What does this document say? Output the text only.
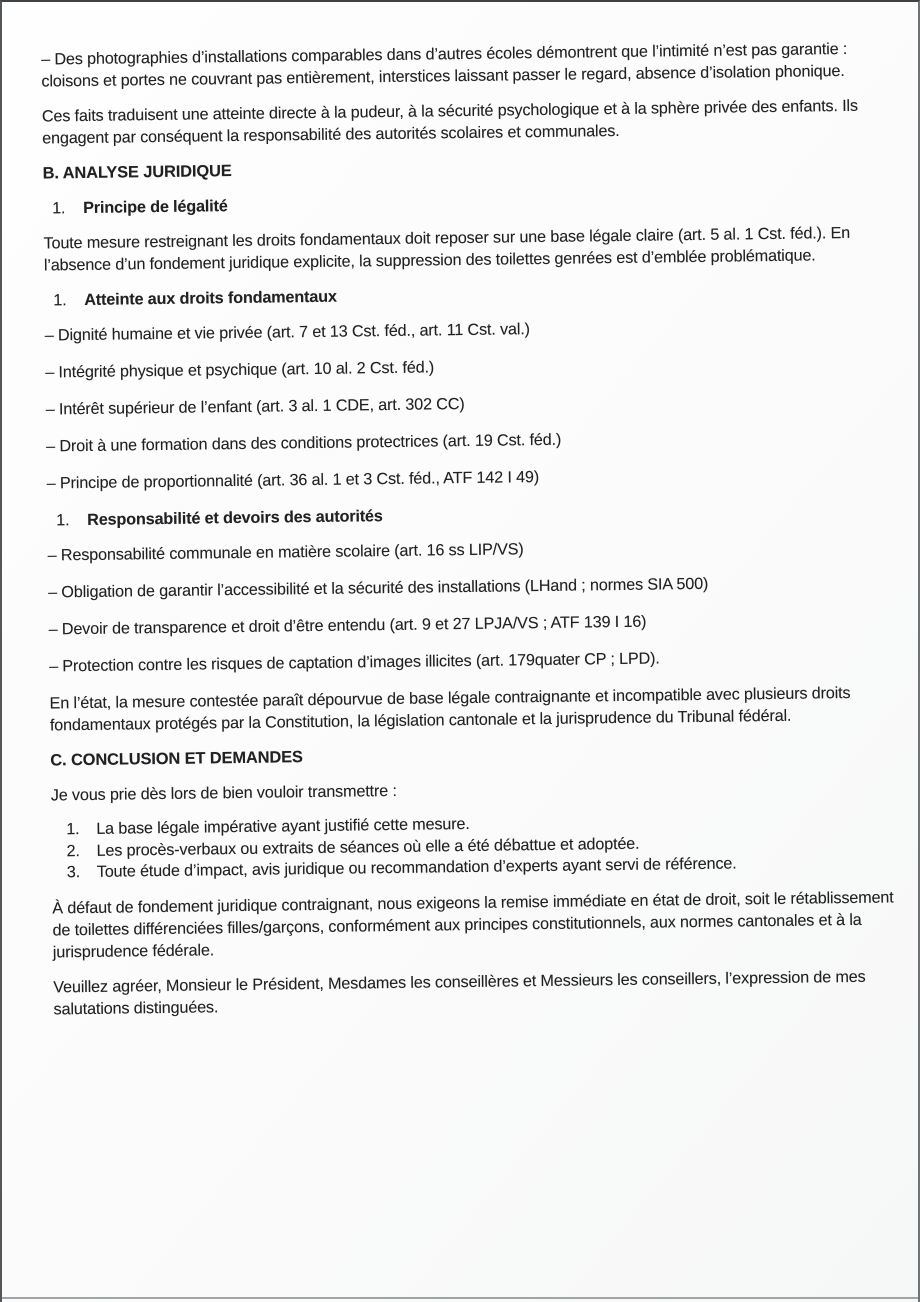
– Des photographies d’installations comparables dans d’autres écoles démontrent que l’intimité n’est pas garantie : cloisons et portes ne couvrant pas entièrement, interstices laissant passer le regard, absence d’isolation phonique.

Ces faits traduisent une atteinte directe à la pudeur, à la sécurité psychologique et à la sphère privée des enfants. Ils engagent par conséquent la responsabilité des autorités scolaires et communales.

B. ANALYSE JURIDIQUE
1.	Principe de légalité

Toute mesure restreignant les droits fondamentaux doit reposer sur une base légale claire (art. 5 al. 1 Cst. féd.). En l’absence d’un fondement juridique explicite, la suppression des toilettes genrées est d’emblée problématique.

1.	Atteinte aux droits fondamentaux

– Dignité humaine et vie privée (art. 7 et 13 Cst. féd., art. 11 Cst. val.)

– Intégrité physique et psychique (art. 10 al. 2 Cst. féd.)

– Intérêt supérieur de l’enfant (art. 3 al. 1 CDE, art. 302 CC)

– Droit à une formation dans des conditions protectrices (art. 19 Cst. féd.)

– Principe de proportionnalité (art. 36 al. 1 et 3 Cst. féd., ATF 142 I 49)

1.	Responsabilité et devoirs des autorités

– Responsabilité communale en matière scolaire (art. 16 ss LIP/VS)

– Obligation de garantir l’accessibilité et la sécurité des installations (LHand ; normes SIA 500)

– Devoir de transparence et droit d’être entendu (art. 9 et 27 LPJA/VS ; ATF 139 I 16)

– Protection contre les risques de captation d’images illicites (art. 179quater CP ; LPD).

En l’état, la mesure contestée paraît dépourvue de base légale contraignante et incompatible avec plusieurs droits fondamentaux protégés par la Constitution, la législation cantonale et la jurisprudence du Tribunal fédéral.

C. CONCLUSION ET DEMANDES

Je vous prie dès lors de bien vouloir transmettre :

1.	La base légale impérative ayant justifié cette mesure.
2.	Les procès-verbaux ou extraits de séances où elle a été débattue et adoptée.
3.	Toute étude d’impact, avis juridique ou recommandation d’experts ayant servi de référence.

À défaut de fondement juridique contraignant, nous exigeons la remise immédiate en état de droit, soit le rétablissement de toilettes différenciées filles/garçons, conformément aux principes constitutionnels, aux normes cantonales et à la jurisprudence fédérale.

Veuillez agréer, Monsieur le Président, Mesdames les conseillères et Messieurs les conseillers, l’expression de mes salutations distinguées.
